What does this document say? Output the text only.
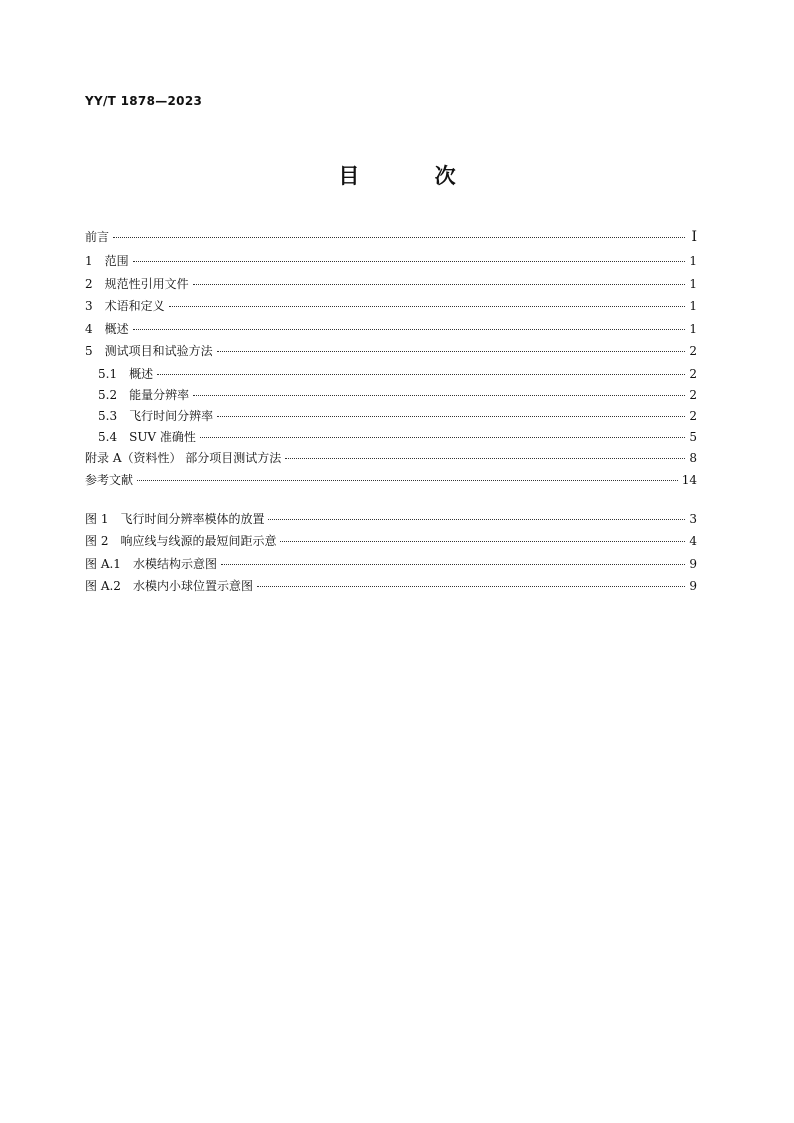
YY/T 1878—2023
目 次
前言	I
1 范围	1
2 规范性引用文件	1
3 术语和定义	1
4 概述	1
5 测试项目和试验方法	2
5.1 概述	2
5.2 能量分辨率	2
5.3 飞行时间分辨率	2
5.4 SUV 准确性	5
附录 A（资料性） 部分项目测试方法	8
参考文献	14
图 1 飞行时间分辨率模体的放置	3
图 2 响应线与线源的最短间距示意	4
图 A.1 水模结构示意图	9
图 A.2 水模内小球位置示意图	9
